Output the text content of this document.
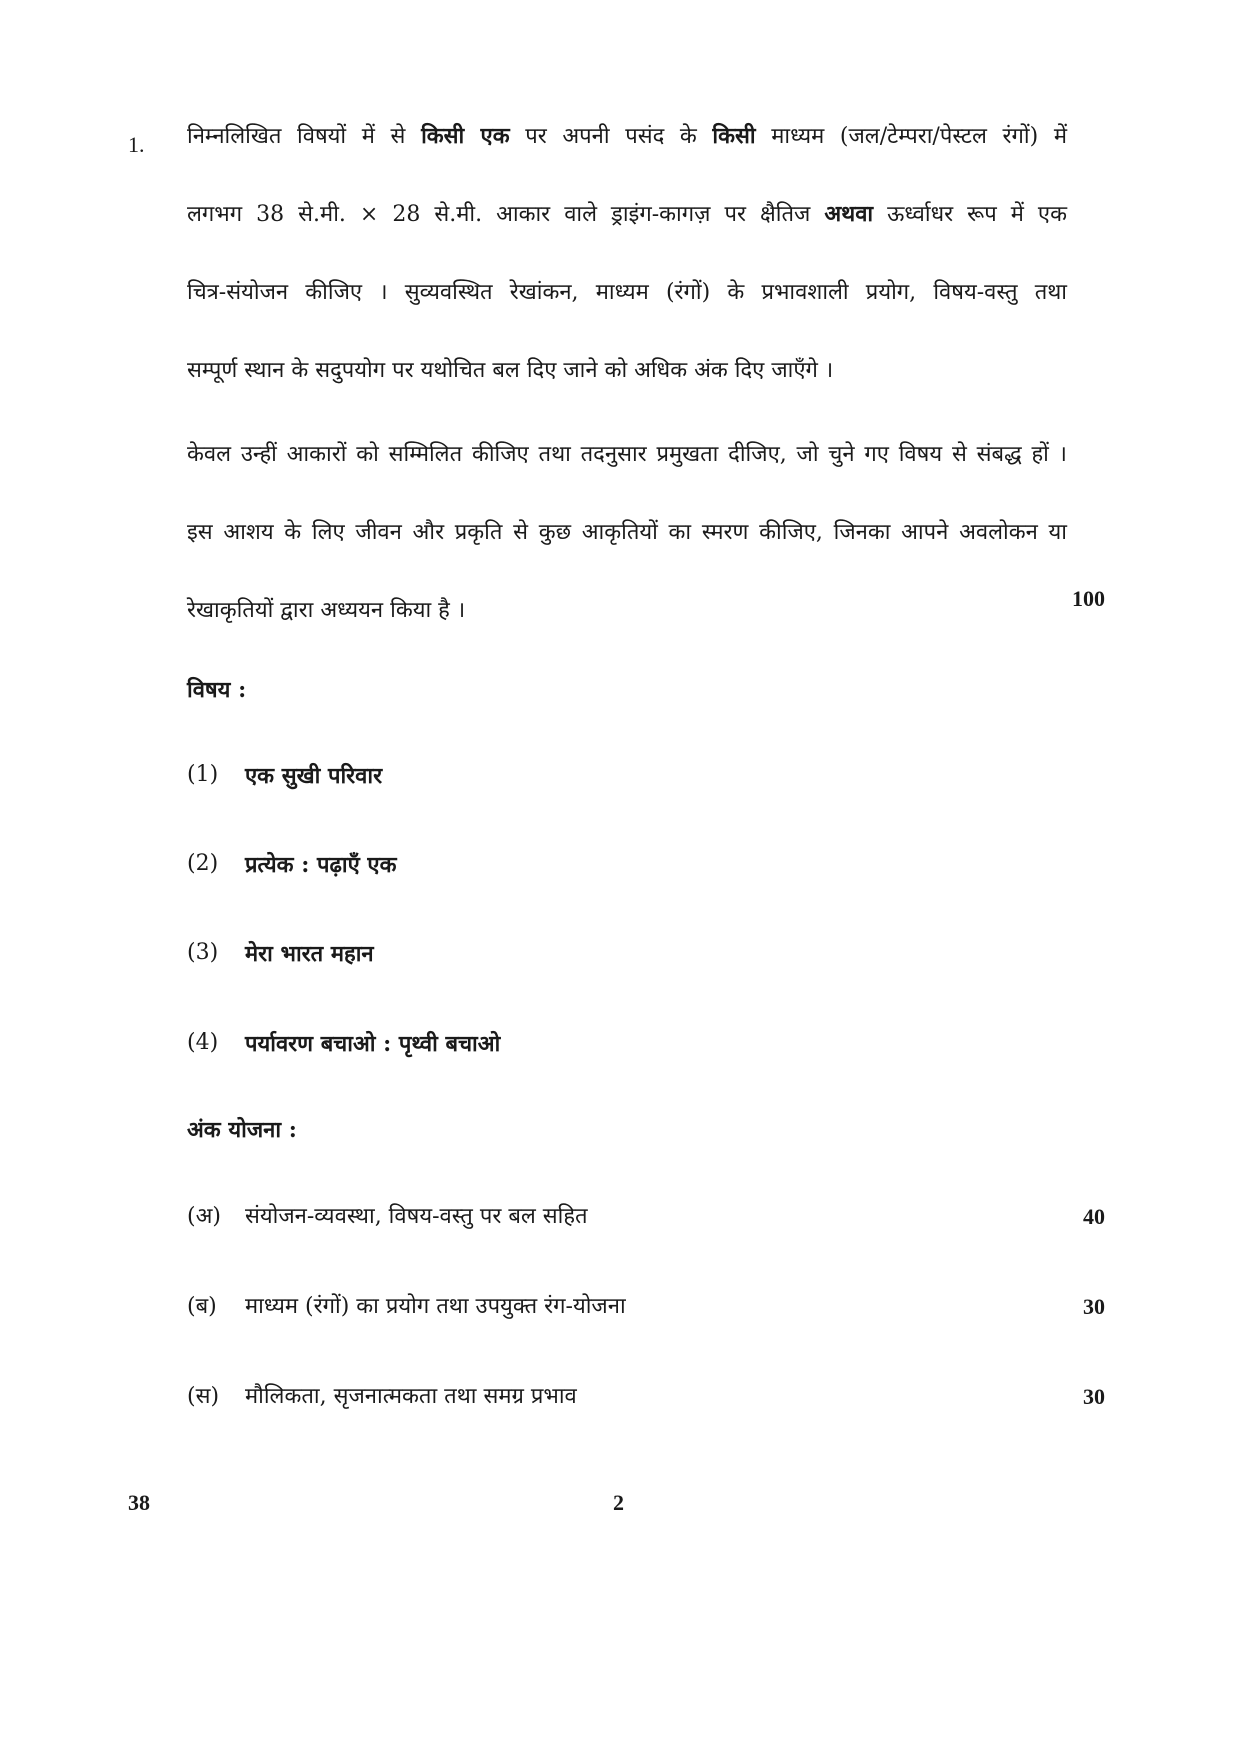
1. निम्नलिखित विषयों में से किसी एक पर अपनी पसंद के किसी माध्यम (जल/टेम्परा/पेस्टल रंगों) में
लगभग 38 से.मी. × 28 से.मी. आकार वाले ड्राइंग-कागज़ पर क्षैतिज अथवा ऊर्ध्वाधर रूप में एक
चित्र-संयोजन कीजिए । सुव्यवस्थित रेखांकन, माध्यम (रंगों) के प्रभावशाली प्रयोग, विषय-वस्तु तथा
सम्पूर्ण स्थान के सदुपयोग पर यथोचित बल दिए जाने को अधिक अंक दिए जाएँगे ।
केवल उन्हीं आकारों को सम्मिलित कीजिए तथा तदनुसार प्रमुखता दीजिए, जो चुने गए विषय से संबद्ध हों ।
इस आशय के लिए जीवन और प्रकृति से कुछ आकृतियों का स्मरण कीजिए, जिनका आपने अवलोकन या
रेखाकृतियों द्वारा अध्ययन किया है ।	100
विषय :
(1) एक सुखी परिवार
(2) प्रत्येक : पढ़ाएँ एक
(3) मेरा भारत महान
(4) पर्यावरण बचाओ : पृथ्वी बचाओ
अंक योजना :
(अ) संयोजन-व्यवस्था, विषय-वस्तु पर बल सहित	40
(ब) माध्यम (रंगों) का प्रयोग तथा उपयुक्त रंग-योजना	30
(स) मौलिकता, सृजनात्मकता तथा समग्र प्रभाव	30
38	2
